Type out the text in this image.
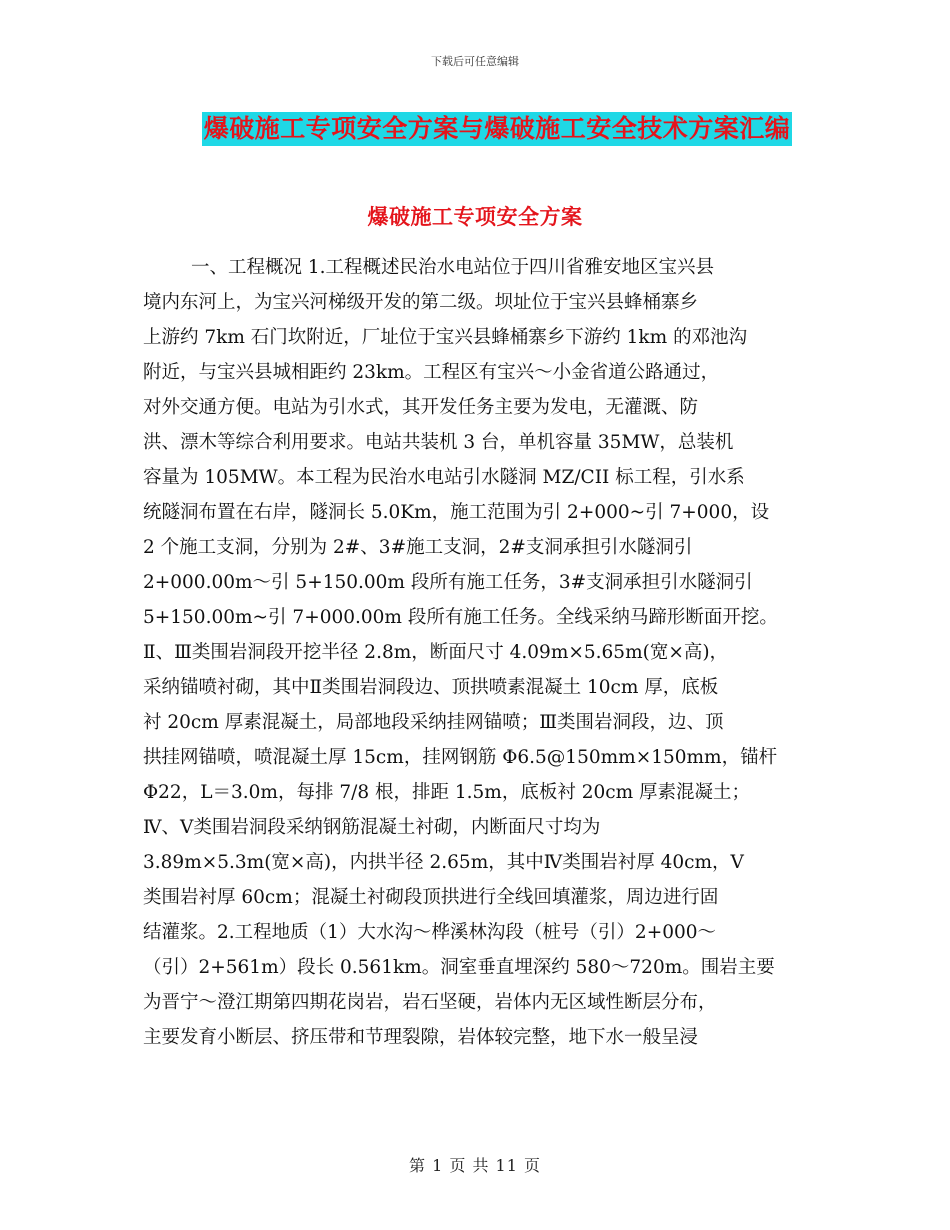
下载后可任意编辑
爆破施工专项安全方案与爆破施工安全技术方案汇编
爆破施工专项安全方案
一、工程概况 1.工程概述民治水电站位于四川省雅安地区宝兴县
境内东河上，为宝兴河梯级开发的第二级。坝址位于宝兴县蜂桶寨乡
上游约 7km 石门坎附近，厂址位于宝兴县蜂桶寨乡下游约 1km 的邓池沟
附近，与宝兴县城相距约 23km。工程区有宝兴～小金省道公路通过，
对外交通方便。电站为引水式，其开发任务主要为发电，无灌溉、防
洪、漂木等综合利用要求。电站共装机 3 台，单机容量 35MW，总装机
容量为 105MW。本工程为民治水电站引水隧洞 MZ/CII 标工程，引水系
统隧洞布置在右岸，隧洞长 5.0Km，施工范围为引 2+000~引 7+000，设
2 个施工支洞，分别为 2#、3#施工支洞，2#支洞承担引水隧洞引
2+000.00m～引 5+150.00m 段所有施工任务，3#支洞承担引水隧洞引
5+150.00m~引 7+000.00m 段所有施工任务。全线采纳马蹄形断面开挖。
Ⅱ、Ⅲ类围岩洞段开挖半径 2.8m，断面尺寸 4.09m×5.65m(宽×高)，
采纳锚喷衬砌，其中Ⅱ类围岩洞段边、顶拱喷素混凝土 10cm 厚，底板
衬 20cm 厚素混凝土，局部地段采纳挂网锚喷；Ⅲ类围岩洞段，边、顶
拱挂网锚喷，喷混凝土厚 15cm，挂网钢筋 Φ6.5@150mm×150mm，锚杆
Φ22，L＝3.0m，每排 7/8 根，排距 1.5m，底板衬 20cm 厚素混凝土；
Ⅳ、Ⅴ类围岩洞段采纳钢筋混凝土衬砌，内断面尺寸均为
3.89m×5.3m(宽×高)，内拱半径 2.65m，其中Ⅳ类围岩衬厚 40cm，Ⅴ
类围岩衬厚 60cm；混凝土衬砌段顶拱进行全线回填灌浆，周边进行固
结灌浆。2.工程地质（1）大水沟～桦溪林沟段（桩号（引）2+000～
（引）2+561m）段长 0.561km。洞室垂直埋深约 580～720m。围岩主要
为晋宁～澄江期第四期花岗岩，岩石坚硬，岩体内无区域性断层分布，
主要发育小断层、挤压带和节理裂隙，岩体较完整，地下水一般呈浸
第 1 页 共 11 页
